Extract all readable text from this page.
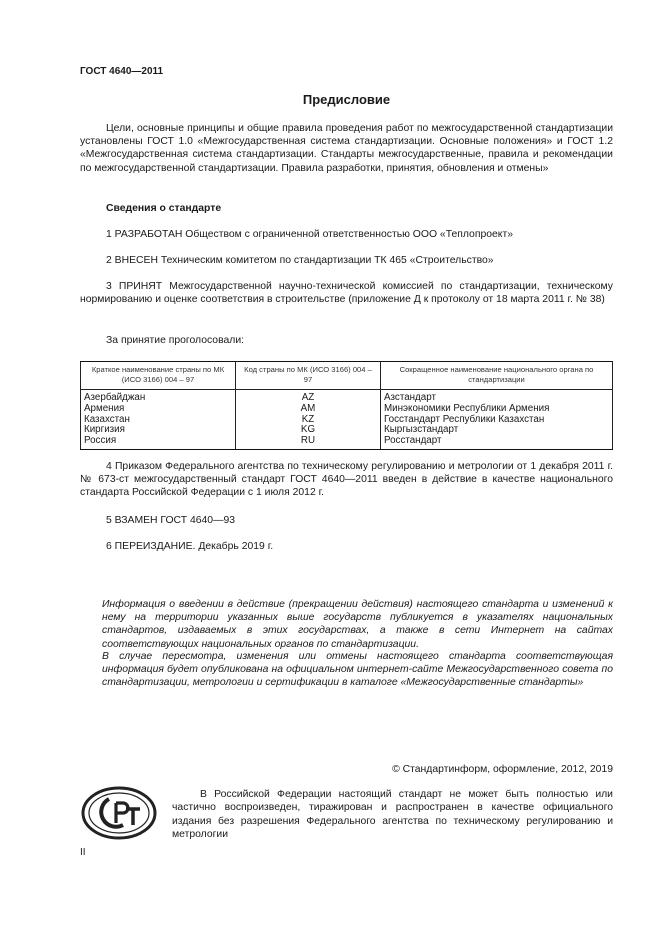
ГОСТ 4640—2011
Предисловие
Цели, основные принципы и общие правила проведения работ по межгосударственной стандартизации установлены ГОСТ 1.0 «Межгосударственная система стандартизации. Основные положения» и ГОСТ 1.2 «Межгосударственная система стандартизации. Стандарты межгосударственные, правила и рекомендации по межгосударственной стандартизации. Правила разработки, принятия, обновления и отмены»
Сведения о стандарте
1 РАЗРАБОТАН Обществом с ограниченной ответственностью ООО «Теплопроект»
2 ВНЕСЕН Техническим комитетом по стандартизации ТК 465 «Строительство»
3 ПРИНЯТ Межгосударственной научно-технической комиссией по стандартизации, техническому нормированию и оценке соответствия в строительстве (приложение Д к протоколу от 18 марта 2011 г. № 38)
За принятие проголосовали:
Краткое наименование страны по МК (ИСО 3166) 004 – 97	Код страны по МК (ИСО 3166) 004 – 97	Сокращенное наименование национального органа по стандартизации
Азербайджан	AZ	Азстандарт
Армения	AM	Минэкономики Республики Армения
Казахстан	KZ	Госстандарт Республики Казахстан
Киргизия	KG	Кыргызстандарт
Россия	RU	Росстандарт
4 Приказом Федерального агентства по техническому регулированию и метрологии от 1 декабря 2011 г. № 673-ст межгосударственный стандарт ГОСТ 4640—2011 введен в действие в качестве национального стандарта Российской Федерации с 1 июля 2012 г.
5 ВЗАМЕН ГОСТ 4640—93
6 ПЕРЕИЗДАНИЕ. Декабрь 2019 г.
Информация о введении в действие (прекращении действия) настоящего стандарта и изменений к нему на территории указанных выше государств публикуется в указателях национальных стандартов, издаваемых в этих государствах, а также в сети Интернет на сайтах соответствующих национальных органов по стандартизации.
В случае пересмотра, изменения или отмены настоящего стандарта соответствующая информация будет опубликована на официальном интернет-сайте Межгосударственного совета по стандартизации, метрологии и сертификации в каталоге «Межгосударственные стандарты»
© Стандартинформ, оформление, 2012, 2019
В Российской Федерации настоящий стандарт не может быть полностью или частично воспроизведен, тиражирован и распространен в качестве официального издания без разрешения Федерального агентства по техническому регулированию и метрологии
II
